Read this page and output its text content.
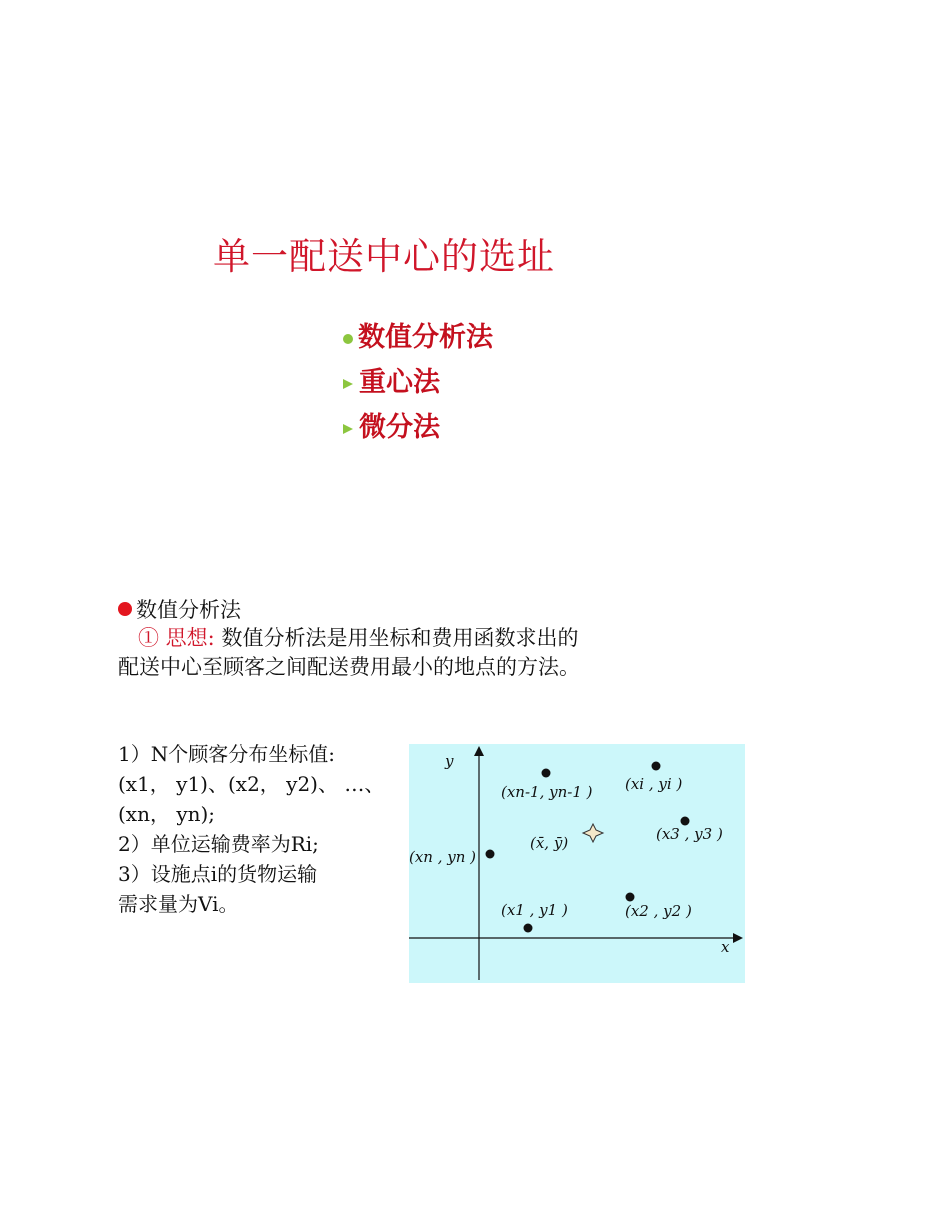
单一配送中心的选址
数值分析法
重心法
微分法
数值分析法
① 思想: 数值分析法是用坐标和费用函数求出的
配送中心至顾客之间配送费用最小的地点的方法。
1）N个顾客分布坐标值:
(x1， y1)、(x2， y2)、 …、
(xn， yn);
2）单位运输费率为Ri;
3）设施点i的货物运输
需求量为Vi。
y
x
(xn-1, yn-1 ) (xi , yi )
(x3 , y3 )
(xn , yn )
(x1 , y1 )	(x2 , y2 )
(x̄, ȳ)
